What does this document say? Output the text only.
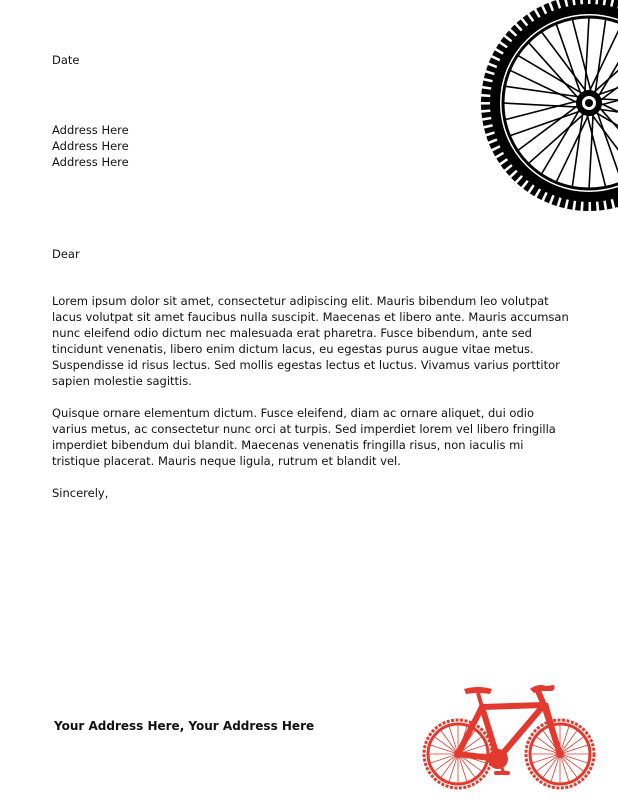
Date
Address Here
Address Here
Address Here
Dear
Lorem ipsum dolor sit amet, consectetur adipiscing elit. Mauris bibendum leo volutpat lacus volutpat sit amet faucibus nulla suscipit. Maecenas et libero ante. Mauris accumsan nunc eleifend odio dictum nec malesuada erat pharetra. Fusce bibendum, ante sed tincidunt venenatis, libero enim dictum lacus, eu egestas purus augue vitae metus. Suspendisse id risus lectus. Sed mollis egestas lectus et luctus. Vivamus varius porttitor sapien molestie sagittis.
Quisque ornare elementum dictum. Fusce eleifend, diam ac ornare aliquet, dui odio varius metus, ac consectetur nunc orci at turpis. Sed imperdiet lorem vel libero fringilla imperdiet bibendum dui blandit. Maecenas venenatis fringilla risus, non iaculis mi tristique placerat. Mauris neque ligula, rutrum et blandit vel.
Sincerely,
Your Address Here, Your Address Here
